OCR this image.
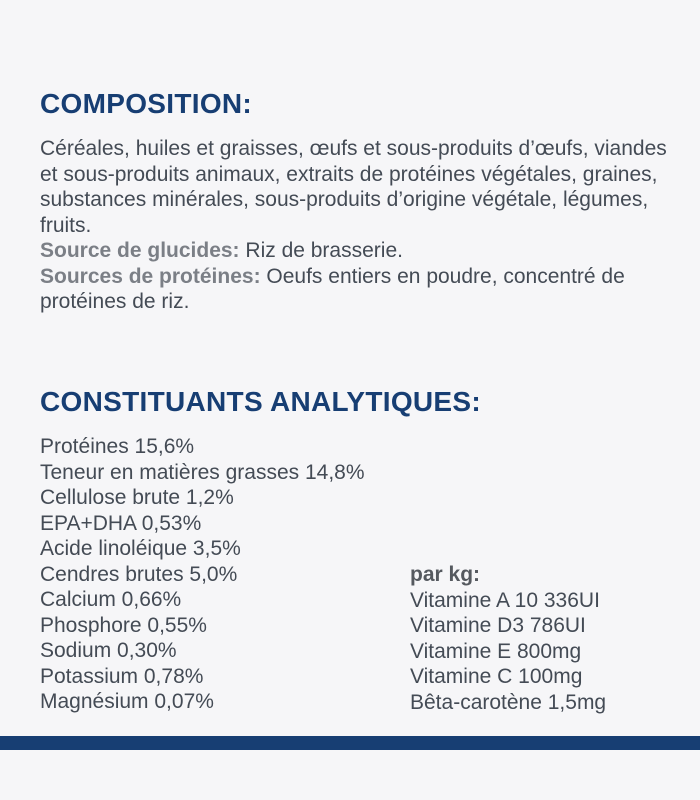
COMPOSITION:

Céréales, huiles et graisses, œufs et sous-produits d’œufs, viandes et sous-produits animaux, extraits de protéines végétales, graines, substances minérales, sous-produits d’origine végétale, légumes, fruits.

Source de glucides: Riz de brasserie.

Sources de protéines: Oeufs entiers en poudre, concentré de protéines de riz.

CONSTITUANTS ANALYTIQUES:
Protéines 15,6%
Teneur en matières grasses 14,8%
Cellulose brute 1,2%
EPA+DHA 0,53%
Acide linoléique 3,5%
Cendres brutes 5,0%
Calcium 0,66%
Phosphore 0,55%
Sodium 0,30%
Potassium 0,78%
Magnésium 0,07%
par kg:
Vitamine A 10 336UI
Vitamine D3 786UI
Vitamine E 800mg
Vitamine C 100mg
Bêta-carotène 1,5mg
